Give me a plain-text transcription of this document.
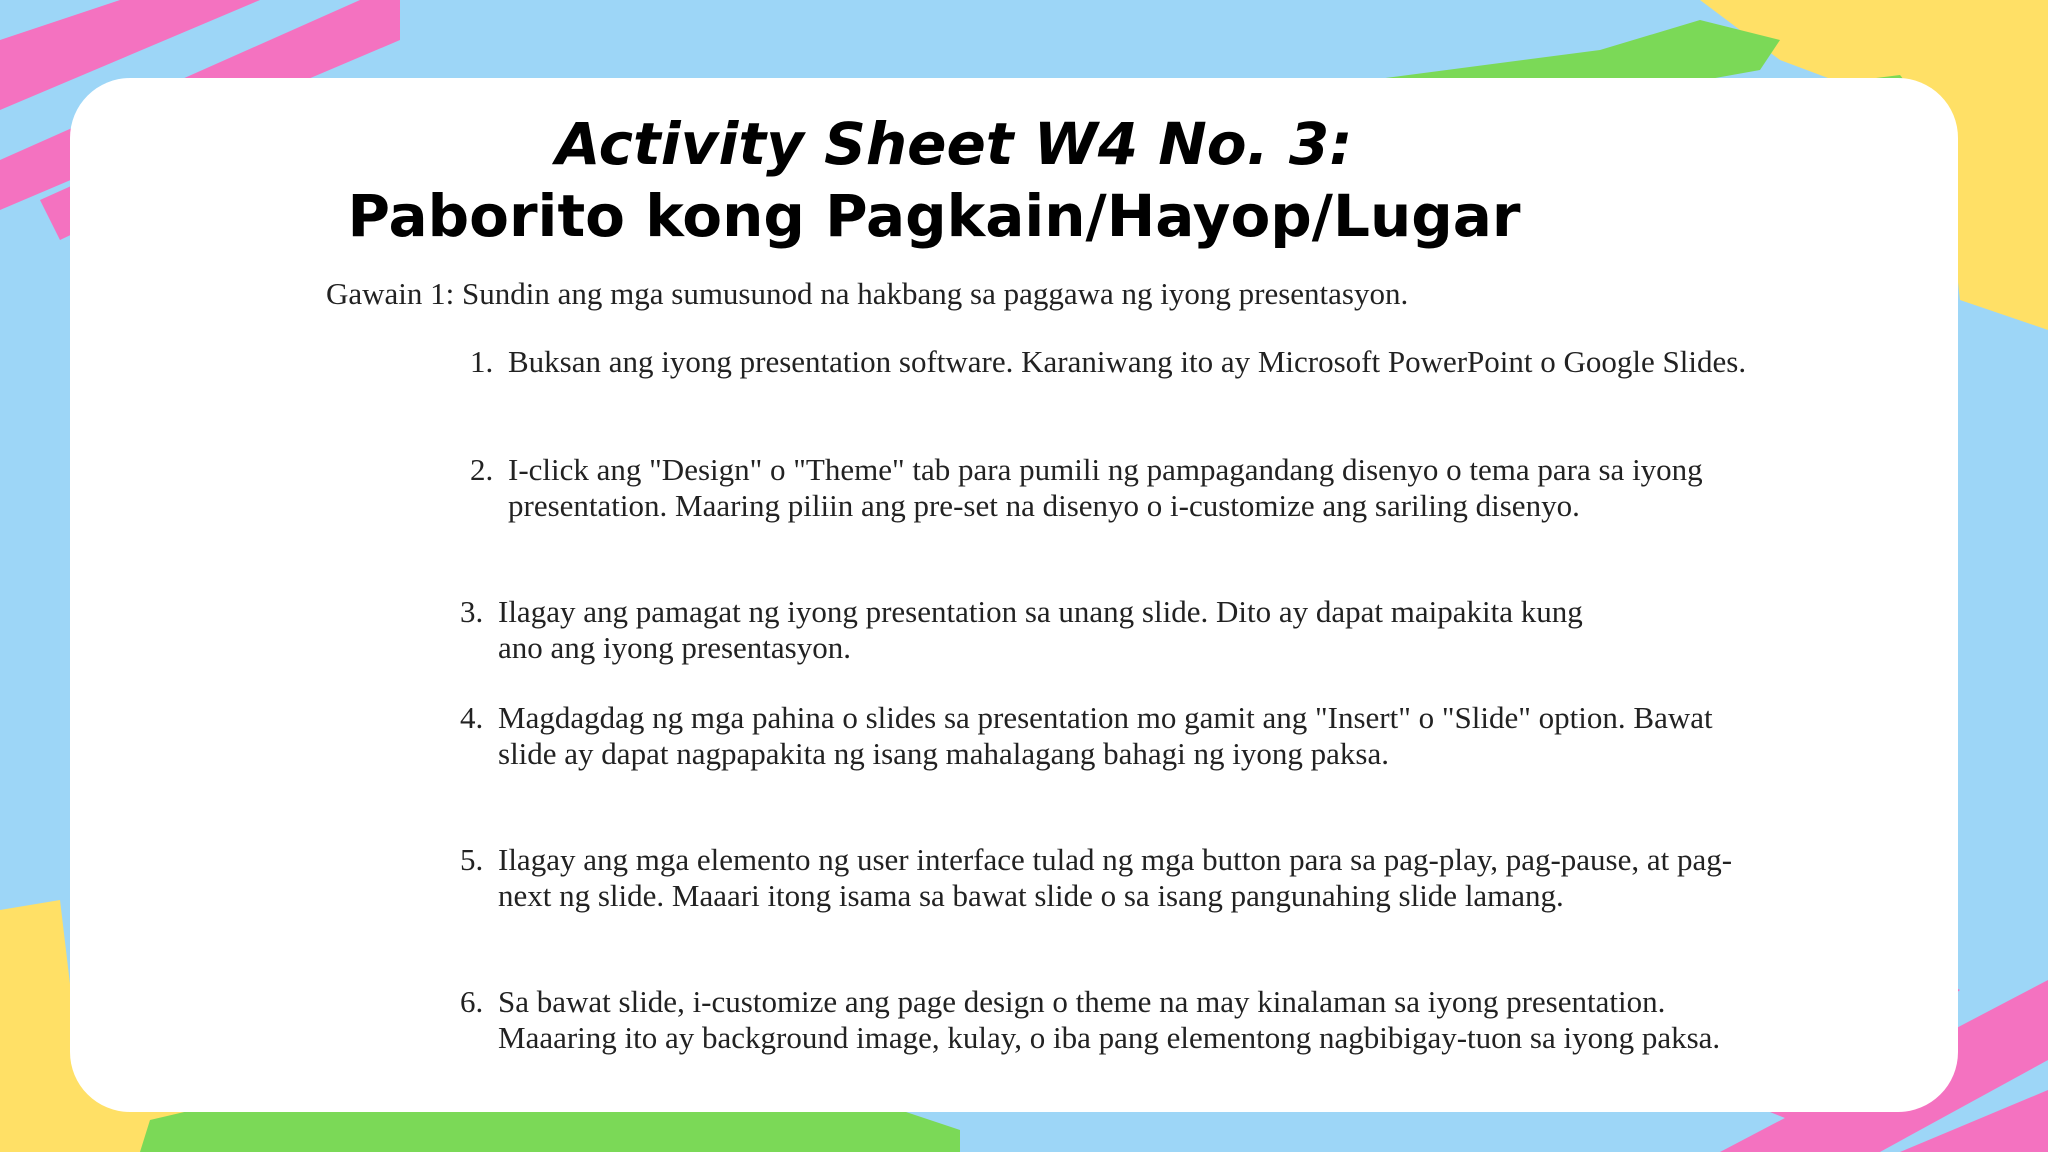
Activity Sheet W4 No. 3:
Paborito kong Pagkain/Hayop/Lugar
Gawain 1: Sundin ang mga sumusunod na hakbang sa paggawa ng iyong presentasyon.
1. Buksan ang iyong presentation software. Karaniwang ito ay Microsoft PowerPoint o Google Slides.
2. I-click ang "Design" o "Theme" tab para pumili ng pampagandang disenyo o tema para sa iyong presentation. Maaring piliin ang pre-set na disenyo o i-customize ang sariling disenyo.
3. Ilagay ang pamagat ng iyong presentation sa unang slide. Dito ay dapat maipakita kung ano ang iyong presentasyon.
4. Magdagdag ng mga pahina o slides sa presentation mo gamit ang "Insert" o "Slide" option. Bawat slide ay dapat nagpapakita ng isang mahalagang bahagi ng iyong paksa.
5. Ilagay ang mga elemento ng user interface tulad ng mga button para sa pag-play, pag-pause, at pag-next ng slide. Maaari itong isama sa bawat slide o sa isang pangunahing slide lamang.
6. Sa bawat slide, i-customize ang page design o theme na may kinalaman sa iyong presentation. Maaaring ito ay background image, kulay, o iba pang elementong nagbibigay-tuon sa iyong paksa.
